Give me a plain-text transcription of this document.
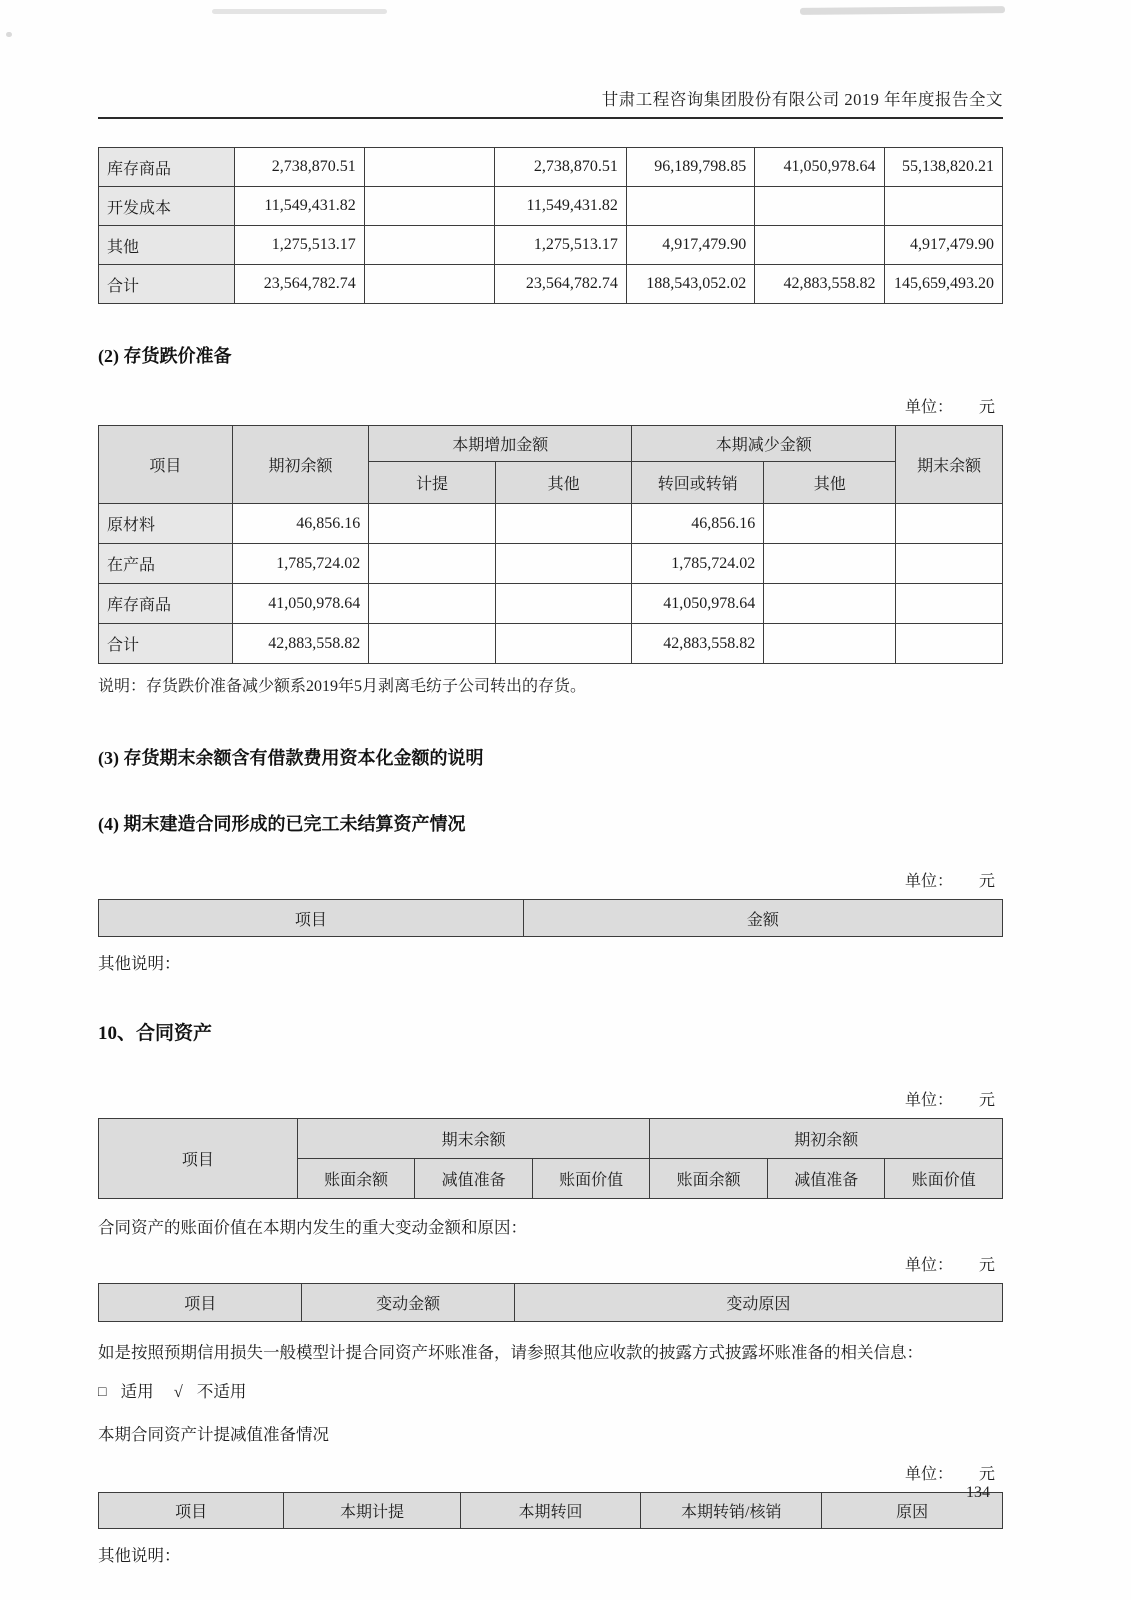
甘肃工程咨询集团股份有限公司 2019 年年度报告全文
库存商品	2,738,870.51		2,738,870.51	96,189,798.85	41,050,978.64	55,138,820.21
开发成本	11,549,431.82		11,549,431.82			
其他	1,275,513.17		1,275,513.17	4,917,479.90		4,917,479.90
合计	23,564,782.74		23,564,782.74	188,543,052.02	42,883,558.82	145,659,493.20
(2) 存货跌价准备
单位： 元
项目	期初余额	本期增加金额		本期减少金额		期末余额
		计提	其他	转回或转销	其他	
原材料	46,856.16			46,856.16		
在产品	1,785,724.02			1,785,724.02		
库存商品	41,050,978.64			41,050,978.64		
合计	42,883,558.82			42,883,558.82		
说明：存货跌价准备减少额系2019年5月剥离毛纺子公司转出的存货。
(3) 存货期末余额含有借款费用资本化金额的说明
(4) 期末建造合同形成的已完工未结算资产情况
单位： 元
项目	金额
其他说明：
10、合同资产
单位： 元
项目	期末余额			期初余额		
	账面余额	减值准备	账面价值	账面余额	减值准备	账面价值
合同资产的账面价值在本期内发生的重大变动金额和原因：
单位： 元
项目	变动金额	变动原因
如是按照预期信用损失一般模型计提合同资产坏账准备，请参照其他应收款的披露方式披露坏账准备的相关信息：
□ 适用 √ 不适用
本期合同资产计提减值准备情况
单位： 元
项目	本期计提	本期转回	本期转销/核销	原因
其他说明：
134
